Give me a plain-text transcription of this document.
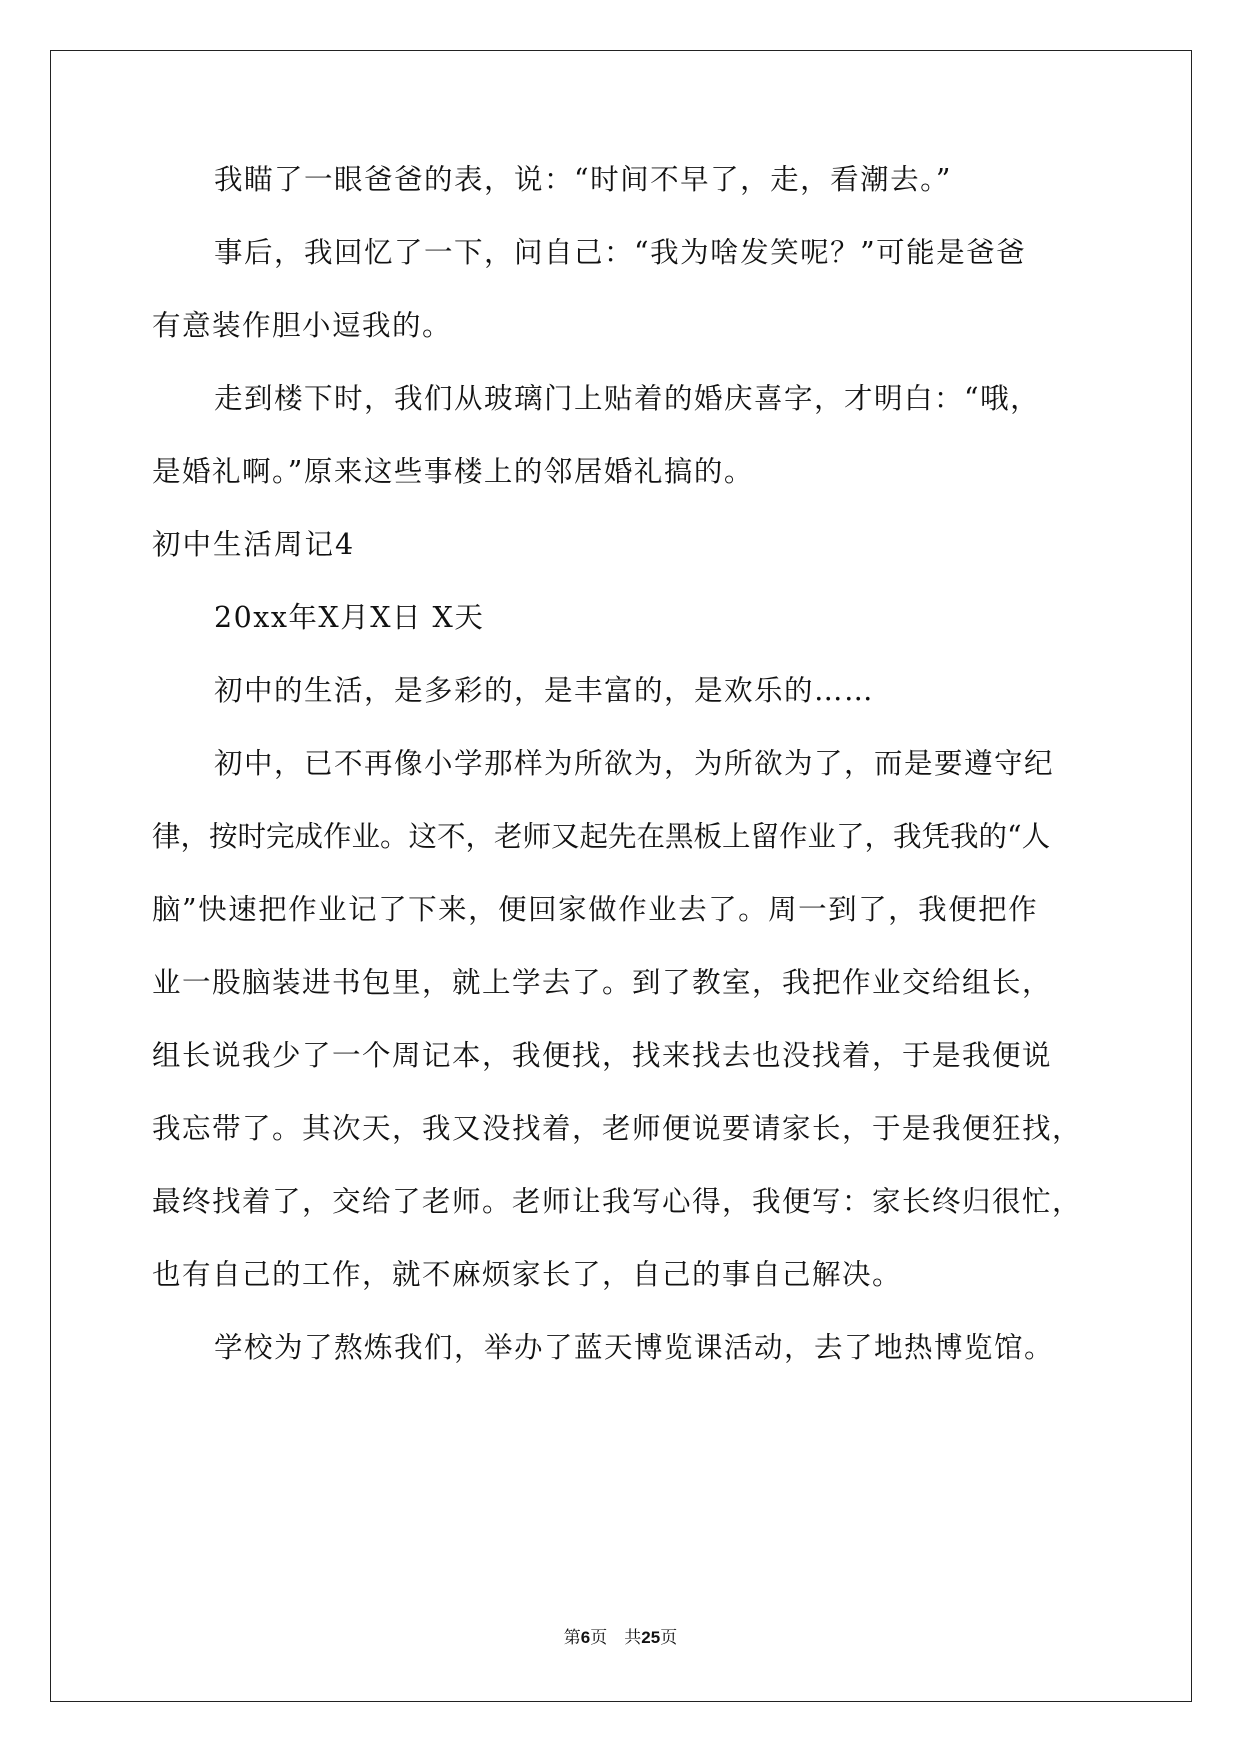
我瞄了一眼爸爸的表，说：“时间不早了，走，看潮去。”
事后，我回忆了一下，问自己：“我为啥发笑呢？”可能是爸爸
有意装作胆小逗我的。
走到楼下时，我们从玻璃门上贴着的婚庆喜字，才明白：“哦，
是婚礼啊。”原来这些事楼上的邻居婚礼搞的。
初中生活周记4
20xx年X月X日 X天
初中的生活，是多彩的，是丰富的，是欢乐的……
初中，已不再像小学那样为所欲为，为所欲为了，而是要遵守纪
律，按时完成作业。这不，老师又起先在黑板上留作业了，我凭我的“人
脑”快速把作业记了下来，便回家做作业去了。周一到了，我便把作
业一股脑装进书包里，就上学去了。到了教室，我把作业交给组长，
组长说我少了一个周记本，我便找，找来找去也没找着，于是我便说
我忘带了。其次天，我又没找着，老师便说要请家长，于是我便狂找，
最终找着了，交给了老师。老师让我写心得，我便写：家长终归很忙，
也有自己的工作，就不麻烦家长了，自己的事自己解决。
学校为了熬炼我们，举办了蓝天博览课活动，去了地热博览馆。
第6页　共25页
